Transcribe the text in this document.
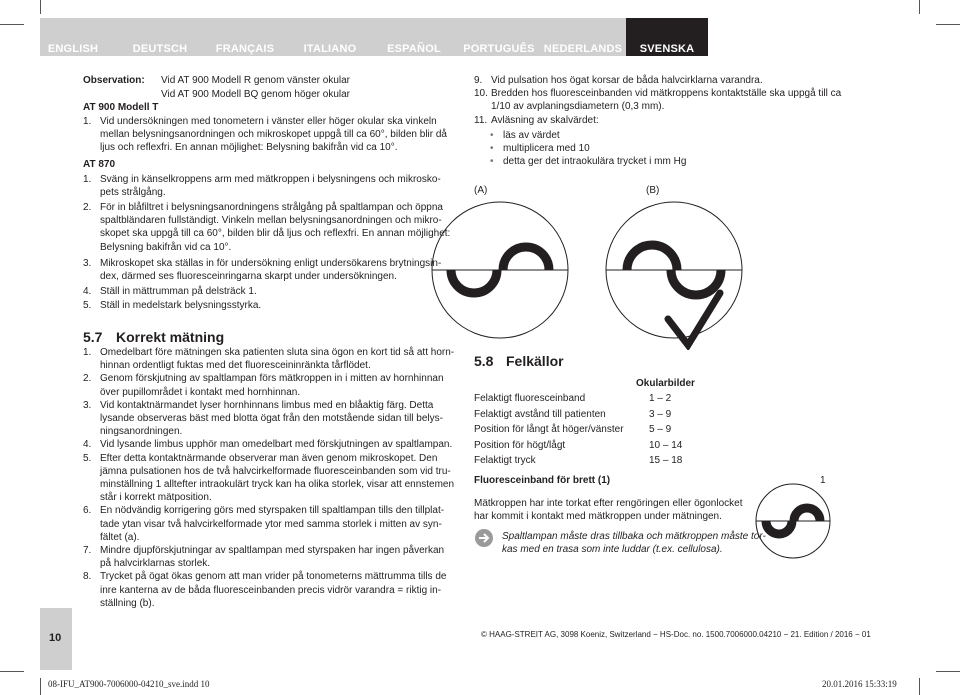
ENGLISH	DEUTSCH	FRANÇAIS	ITALIANO	ESPAÑOL	PORTUGUÊS NEDERLANDS	SVENSKA
Observation: Vid AT 900 Modell R genom vänster okular
Vid AT 900 Modell BQ genom höger okular
AT 900 Modell T
1. Vid undersökningen med tonometern i vänster eller höger okular ska vinkeln
mellan belysningsanordningen och mikroskopet uppgå till ca 60°, bilden blir då
ljus och reflexfri. En annan möjlighet: Belysning bakifrån vid ca 10°.
AT 870
1. Sväng in känselkroppens arm med mätkroppen i belysningens och mikrosko-
pets strålgång.
2. För in blåfiltret i belysningsanordningens strålgång på spaltlampan och öppna
spaltbländaren fullständigt. Vinkeln mellan belysningsanordningen och mikro-
skopet ska uppgå till ca 60°, bilden blir då ljus och reflexfri. En annan möjlighet:
Belysning bakifrån vid ca 10°.
3. Mikroskopet ska ställas in för undersökning enligt undersökarens brytningsin-
dex, därmed ses fluoresceinringarna skarpt under undersökningen.
4. Ställ in mättrumman på delsträck 1.
5. Ställ in medelstark belysningsstyrka.
5.7 Korrekt mätning
1. Omedelbart före mätningen ska patienten sluta sina ögon en kort tid så att horn-
hinnan ordentligt fuktas med det fluoresceininränkta tårflödet.
2. Genom förskjutning av spaltlampan förs mätkroppen in i mitten av hornhinnan
över pupillområdet i kontakt med hornhinnan.
3. Vid kontaktnärmandet lyser hornhinnans limbus med en blåaktig färg. Detta
lysande observeras bäst med blotta ögat från den motstående sidan till belys-
ningsanordningen.
4. Vid lysande limbus upphör man omedelbart med förskjutningen av spaltlampan.
5. Efter detta kontaktnärmande observerar man även genom mikroskopet. Den
jämna pulsationen hos de två halvcirkelformade fluoresceinbanden som vid tru-
minställning 1 alltefter intraokulärt tryck kan ha olika storlek, visar att ennstemen
står i korrekt mätposition.
6. En nödvändig korrigering görs med styrspaken till spaltlampan tills den tillplat-
tade ytan visar två halvcirkelformade ytor med samma storlek i mitten av syn-
fältet (a).
7. Mindre djupförskjutningar av spaltlampan med styrspaken har ingen påverkan
på halvcirklarnas storlek.
8. Trycket på ögat ökas genom att man vrider på tonometerns mättrumma tills de
inre kanterna av de båda fluoresceinbanden precis vidrör varandra = riktig in-
ställning (b).
9. Vid pulsation hos ögat korsar de båda halvcirklarna varandra.
10. Bredden hos fluoresceinbanden vid mätkroppens kontaktställe ska uppgå till ca
1/10 av avplaningsdiametern (0,3 mm).
11. Avläsning av skalvärdet:
• läs av värdet
• multiplicera med 10
• detta ger det intraokulära trycket i mm Hg
(A)	(B)
5.8 Felkällor
Okularbilder
Felaktigt fluoresceinband	1 – 2
Felaktigt avstånd till patienten	3 – 9
Position för långt åt höger/vänster	5 – 9
Position för högt/lågt	10 – 14
Felaktigt tryck	15 – 18
Fluoresceinband för brett (1)
Mätkroppen har inte torkat efter rengöringen eller ögonlocket
har kommit i kontakt med mätkroppen under mätningen.
Spaltlampan måste dras tillbaka och mätkroppen måste tor-
kas med en trasa som inte luddar (t.ex. cellulosa).
1
10	© HAAG-STREIT AG, 3098 Koeniz, Switzerland − HS-Doc. no. 1500.7006000.04210 − 21. Edition / 2016 − 01
08-IFU_AT900-7006000-04210_sve.indd 10	20.01.2016 15:33:19
